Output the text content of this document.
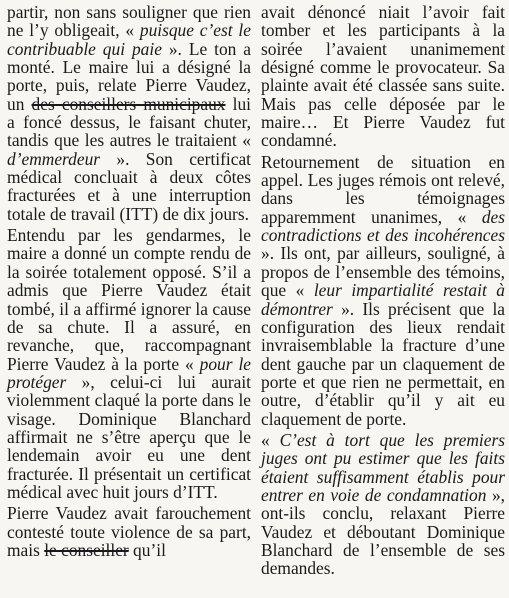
partir, non sans souligner que rien ne l’y obligeait, « puisque c’est le contribuable qui paie ». Le ton a monté. Le maire lui a désigné la porte, puis, relate Pierre Vaudez, un des conseillers municipaux lui a foncé dessus, le faisant chuter, tandis que les autres le traitaient « d’emmerdeur ». Son certificat médical concluait à deux côtes fracturées et à une interruption totale de travail (ITT) de dix jours.

Entendu par les gendarmes, le maire a donné un compte rendu de la soirée totalement opposé. S’il a admis que Pierre Vaudez était tombé, il a affirmé ignorer la cause de sa chute. Il a assuré, en revanche, que, raccompagnant Pierre Vaudez à la porte « pour le protéger », celui-ci lui aurait violemment claqué la porte dans le visage. Dominique Blanchard affirmait ne s’être aperçu que le lendemain avoir eu une dent fracturée. Il présentait un certificat médical avec huit jours d’ITT.

Pierre Vaudez avait farouchement contesté toute violence de sa part, mais le conseiller qu’il

avait dénoncé niait l’avoir fait tomber et les participants à la soirée l’avaient unanimement désigné comme le provocateur. Sa plainte avait été classée sans suite. Mais pas celle déposée par le maire… Et Pierre Vaudez fut condamné.

Retournement de situation en appel. Les juges rémois ont relevé, dans les témoignages apparemment unanimes, « des contradictions et des incohérences ». Ils ont, par ailleurs, souligné, à propos de l’ensemble des témoins, que « leur impartialité restait à démontrer ». Ils précisent que la configuration des lieux rendait invraisemblable la fracture d’une dent gauche par un claquement de porte et que rien ne permettait, en outre, d’établir qu’il y ait eu claquement de porte.

« C’est à tort que les premiers juges ont pu estimer que les faits étaient suffisamment établis pour entrer en voie de condamnation », ont-ils conclu, relaxant Pierre Vaudez et déboutant Dominique Blanchard de l’ensemble de ses demandes.
